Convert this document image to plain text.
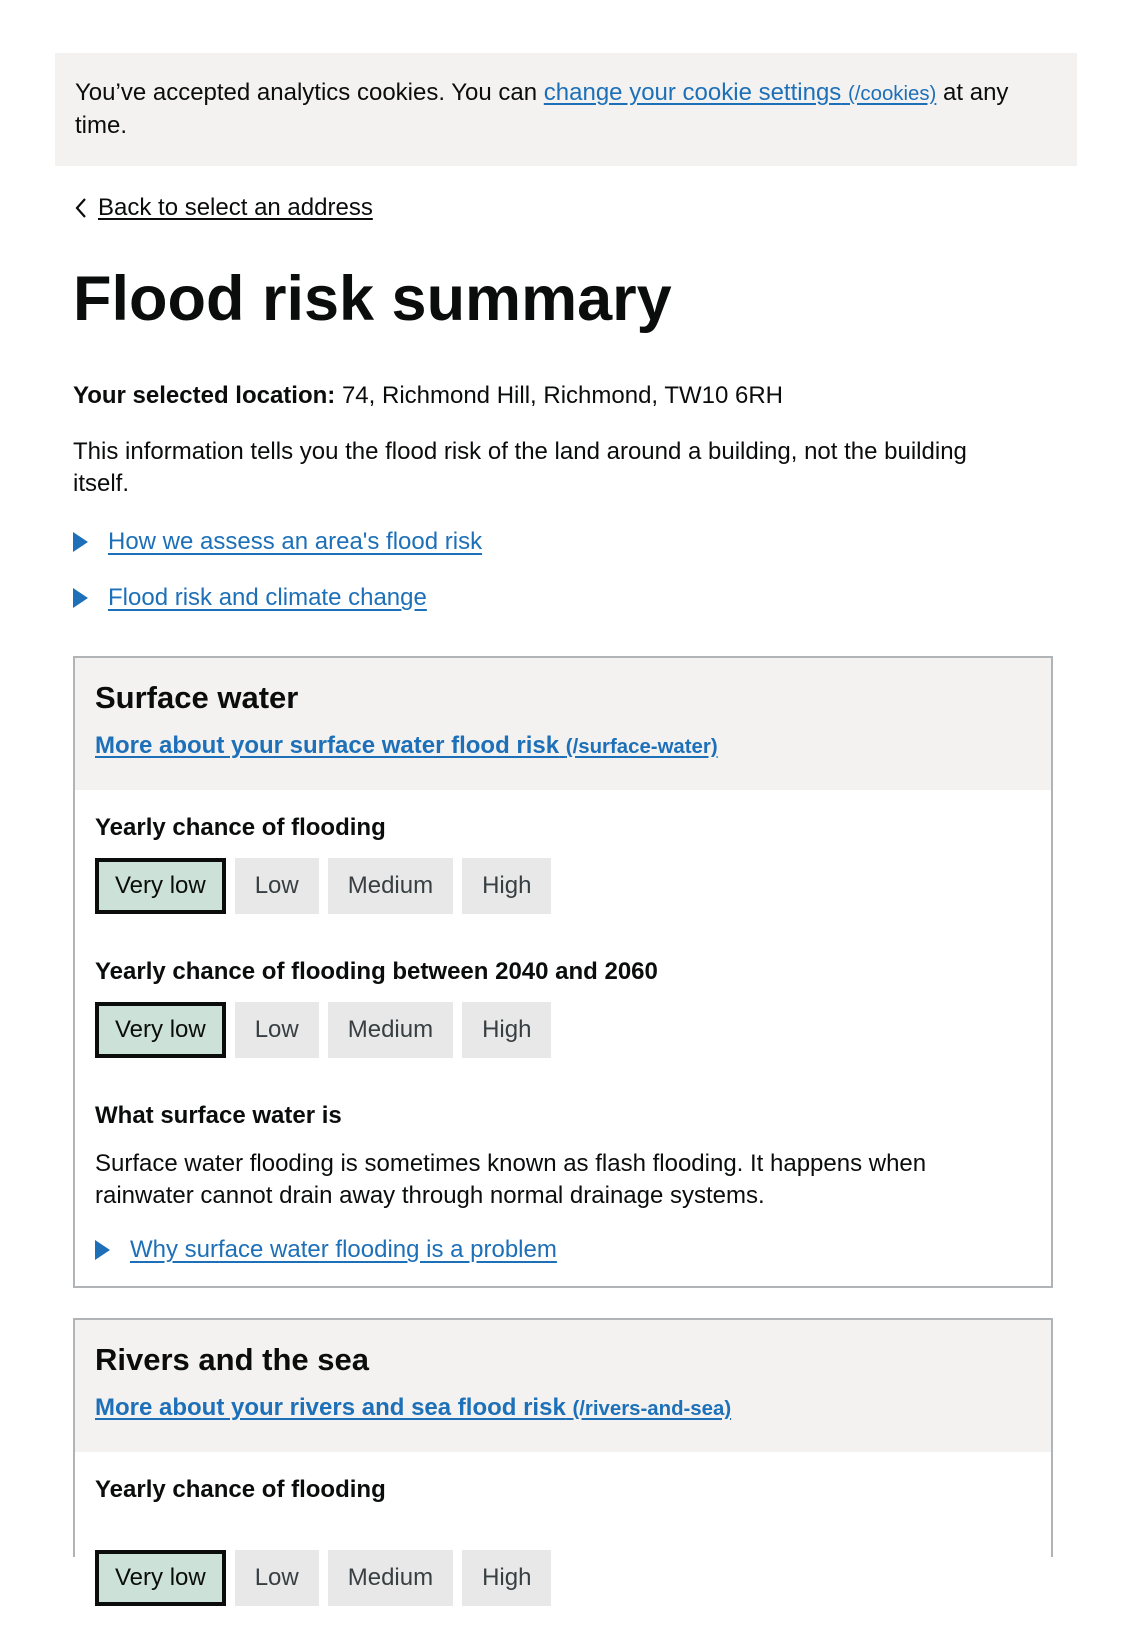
You’ve accepted analytics cookies. You can change your cookie settings (/cookies) at any time.

Back to select an address
Flood risk summary

Your selected location: 74, Richmond Hill, Richmond, TW10 6RH

This information tells you the flood risk of the land around a building, not the building itself.

How we assess an area's flood risk
Flood risk and climate change
Surface water
More about your surface water flood risk (/surface-water)
Yearly chance of flooding
Very low	Low	Medium	High
Yearly chance of flooding between 2040 and 2060
Very low	Low	Medium	High
What surface water is

Surface water flooding is sometimes known as flash flooding. It happens when rainwater cannot drain away through normal drainage systems.

Why surface water flooding is a problem
Rivers and the sea
More about your rivers and sea flood risk (/rivers-and-sea)
Yearly chance of flooding
Very low	Low	Medium	High
